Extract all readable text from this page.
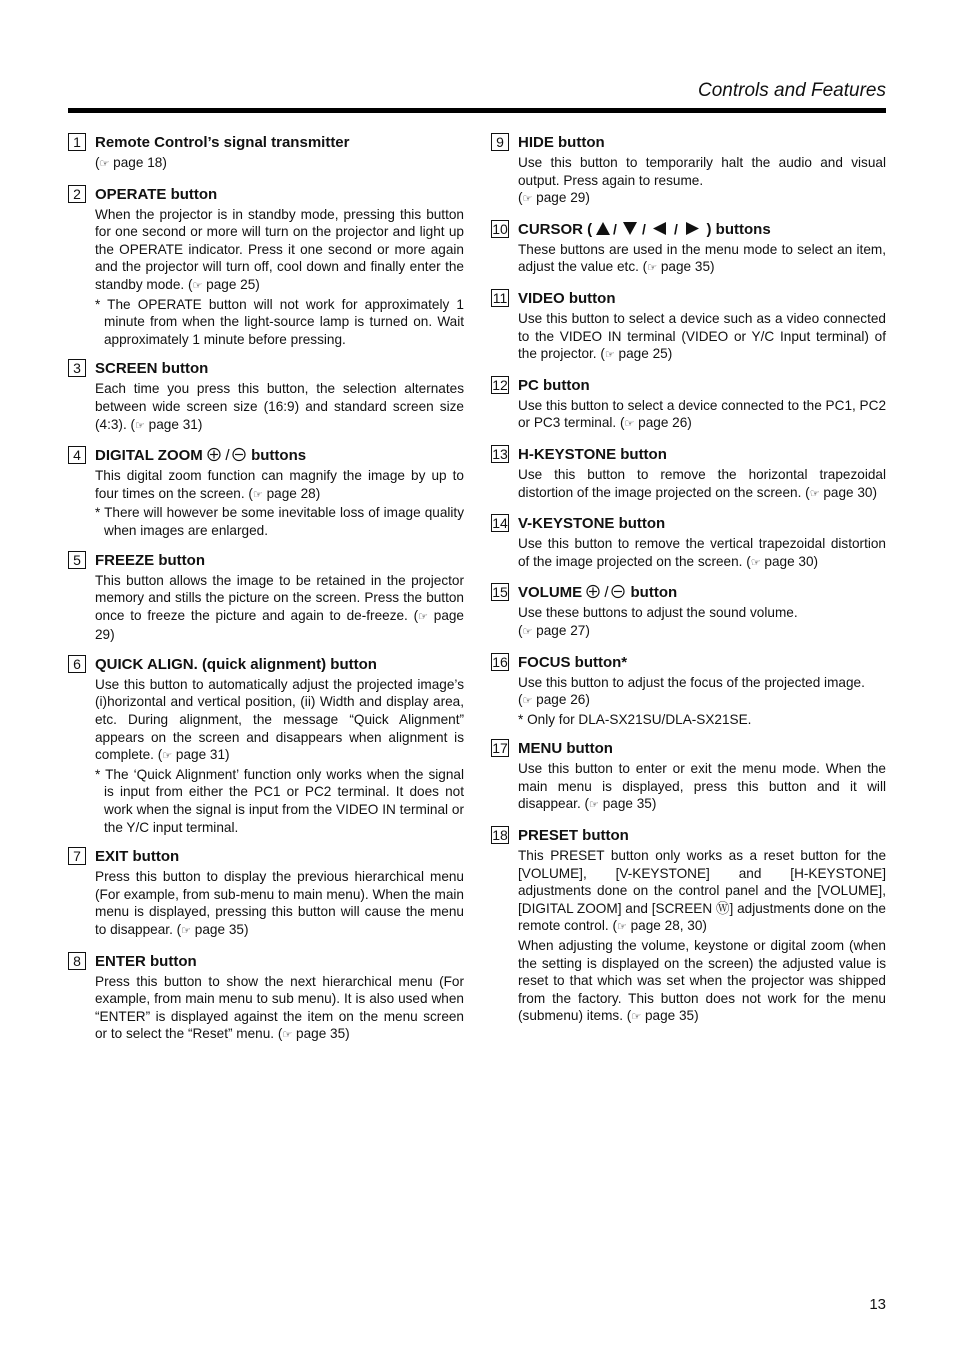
Controls and Features
1 Remote Control’s signal transmitter
(☞ page 18)
2 OPERATE button
When the projector is in standby mode, pressing this button for one second or more will turn on the projector and light up the OPERATE indicator. Press it one second or more again and the projector will turn off, cool down and finally enter the standby mode. (☞ page 25)
* The OPERATE button will not work for approximately 1 minute from when the light-source lamp is turned on. Wait approximately 1 minute before pressing.
3 SCREEN button
Each time you press this button, the selection alternates between wide screen size (16:9) and standard screen size (4:3). (☞ page 31)
4 DIGITAL ZOOM	buttons
This digital zoom function can magnify the image by up to four times on the screen. (☞ page 28)
* There will however be some inevitable loss of image quality when images are enlarged.
5 FREEZE button
This button allows the image to be retained in the projector memory and stills the picture on the screen. Press the button once to freeze the picture and again to de-freeze. (☞ page 29)
6 QUICK ALIGN. (quick alignment) button
Use this button to automatically adjust the projected image’s (i)horizontal and vertical position, (ii) Width and display area, etc. During alignment, the message “Quick Alignment” appears on the screen and disappears when alignment is complete. (☞ page 31)
* The ‘Quick Alignment’ function only works when the signal is input from either the PC1 or PC2 terminal. It does not work when the signal is input from the VIDEO IN terminal or the Y/C input terminal.
7 EXIT button
Press this button to display the previous hierarchical menu (For example, from sub-menu to main menu). When the main menu is displayed, pressing this button will cause the menu to disappear. (☞ page 35)
8 ENTER button
Press this button to show the next hierarchical menu (For example, from main menu to sub menu). It is also used when “ENTER” is displayed against the item on the menu screen or to select the “Reset” menu. (☞ page 35)
9 HIDE button
Use this button to temporarily halt the audio and visual output. Press again to resume.
(☞ page 29)
10 CURSOR ( / / / ) buttons
These buttons are used in the menu mode to select an item, adjust the value etc. (☞ page 35)
11 VIDEO button
Use this button to select a device such as a video connected to the VIDEO IN terminal (VIDEO or Y/C Input terminal) of the projector. (☞ page 25)
12 PC button
Use this button to select a device connected to the PC1, PC2 or PC3 terminal. (☞ page 26)
13 H-KEYSTONE button
Use this button to remove the horizontal trapezoidal distortion of the image projected on the screen. (☞ page 30)
14 V-KEYSTONE button
Use this button to remove the vertical trapezoidal distortion of the image projected on the screen. (☞ page 30)
15 VOLUME	button
Use these buttons to adjust the sound volume.
(☞ page 27)
16 FOCUS button*
Use this button to adjust the focus of the projected image.
(☞ page 26)
* Only for DLA-SX21SU/DLA-SX21SE.
17 MENU button
Use this button to enter or exit the menu mode. When the main menu is displayed, press this button and it will disappear. (☞ page 35)
18 PRESET button
This PRESET button only works as a reset button for the [VOLUME], [V-KEYSTONE] and [H-KEYSTONE] adjustments done on the control panel and the [VOLUME], [DIGITAL ZOOM] and [SCREEN Ⓦ] adjustments done on the remote control. (☞ page 28, 30)
When adjusting the volume, keystone or digital zoom (when the setting is displayed on the screen) the adjusted value is reset to that which was set when the projector was shipped from the factory. This button does not work for the menu (submenu) items. (☞ page 35)
13
